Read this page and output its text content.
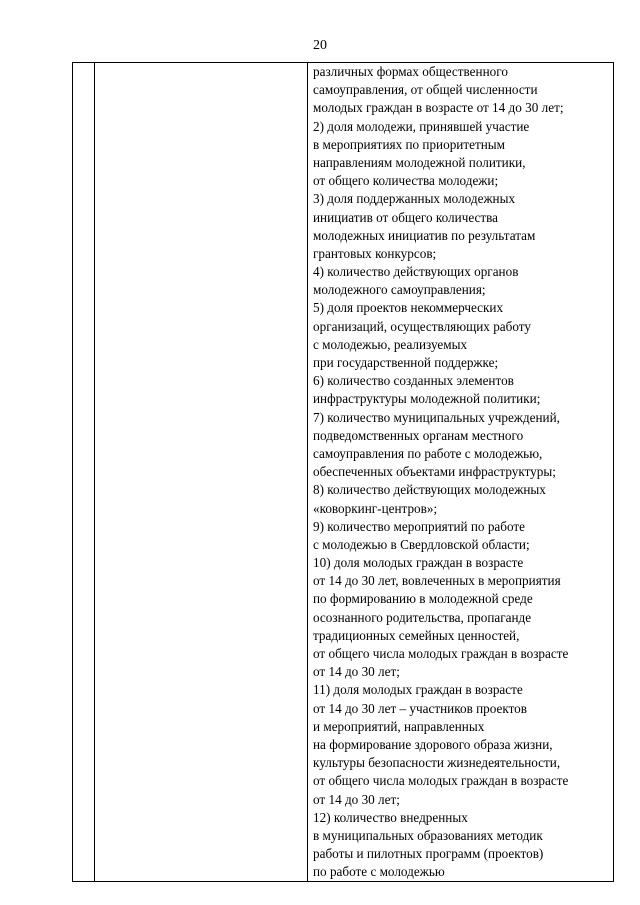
20

различных формах общественного
самоуправления, от общей численности
молодых граждан в возрасте от 14 до 30 лет;
2) доля молодежи, принявшей участие
в мероприятиях по приоритетным
направлениям молодежной политики,
от общего количества молодежи;
3) доля поддержанных молодежных
инициатив от общего количества
молодежных инициатив по результатам
грантовых конкурсов;
4) количество действующих органов
молодежного самоуправления;
5) доля проектов некоммерческих
организаций, осуществляющих работу
с молодежью, реализуемых
при государственной поддержке;
6) количество созданных элементов
инфраструктуры молодежной политики;
7) количество муниципальных учреждений,
подведомственных органам местного
самоуправления по работе с молодежью,
обеспеченных объектами инфраструктуры;
8) количество действующих молодежных
«коворкинг-центров»;
9) количество мероприятий по работе
с молодежью в Свердловской области;
10) доля молодых граждан в возрасте
от 14 до 30 лет, вовлеченных в мероприятия
по формированию в молодежной среде
осознанного родительства, пропаганде
традиционных семейных ценностей,
от общего числа молодых граждан в возрасте
от 14 до 30 лет;
11) доля молодых граждан в возрасте
от 14 до 30 лет – участников проектов
и мероприятий, направленных
на формирование здорового образа жизни,
культуры безопасности жизнедеятельности,
от общего числа молодых граждан в возрасте
от 14 до 30 лет;
12) количество внедренных
в муниципальных образованиях методик
работы и пилотных программ (проектов)
по работе с молодежью
